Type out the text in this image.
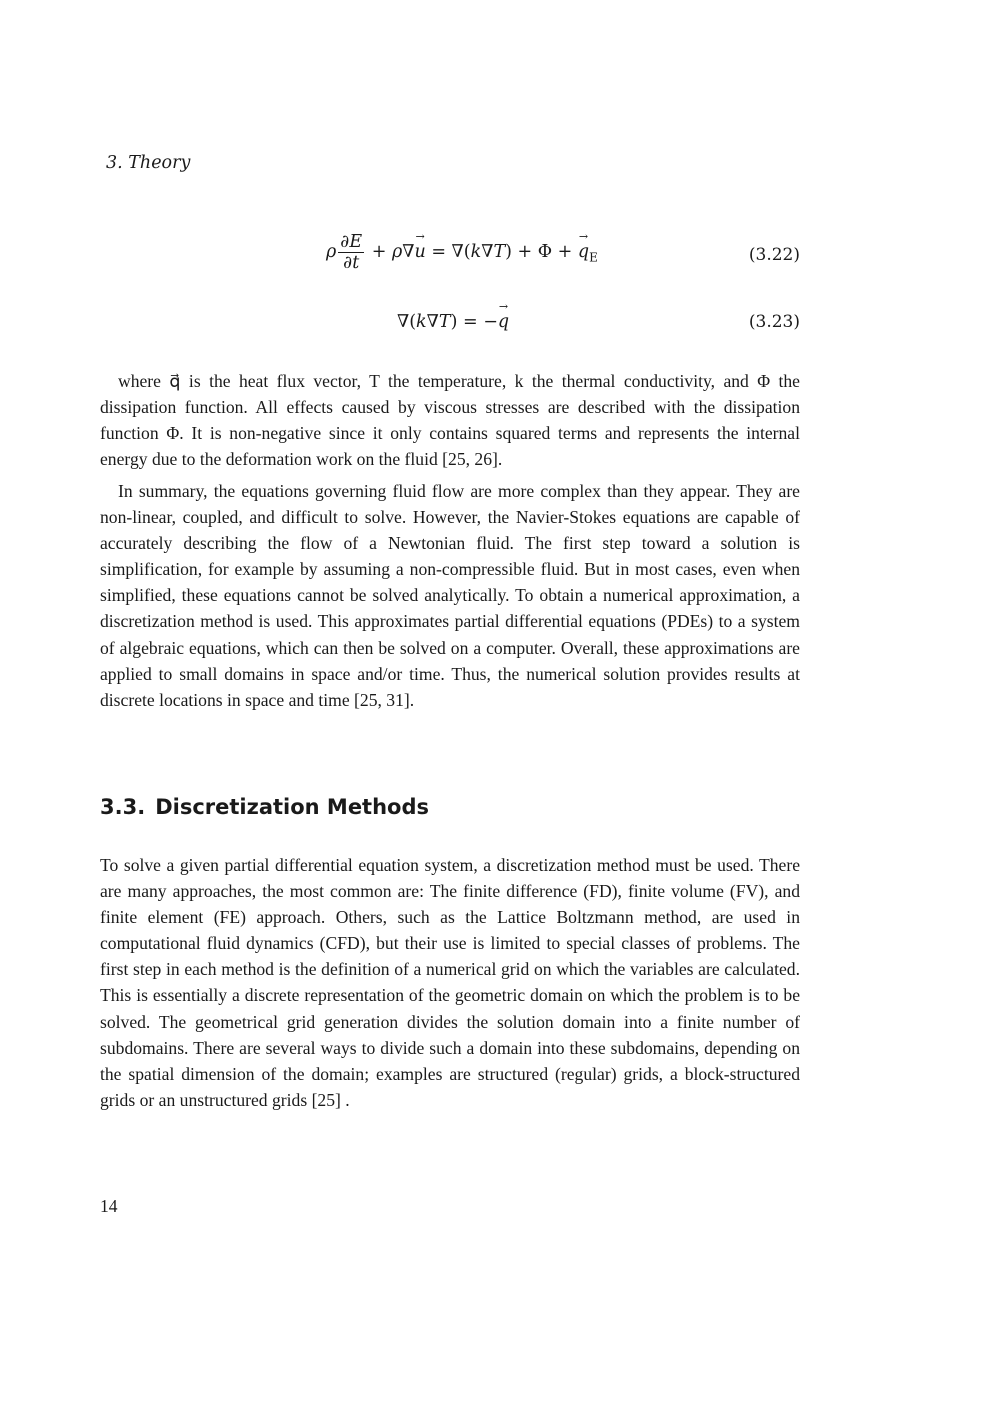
3. Theory
ρ $\frac{\partial E}{\partial t} + \rho\nabla\to u = \nabla(k\nabla T) + \Phi$ + → $q_E$	(3.22)
∇(k∇T) = −→ q	(3.23)

where q⃗ is the heat flux vector, T the temperature, k the thermal conductivity, and Φ the dissipation function. All effects caused by viscous stresses are described with the dissipation function Φ. It is non-negative since it only contains squared terms and represents the internal energy due to the deformation work on the fluid [25, 26].

In summary, the equations governing fluid flow are more complex than they appear. They are non-linear, coupled, and difficult to solve. However, the Navier-Stokes equations are capable of accurately describing the flow of a Newtonian fluid. The first step toward a solution is simplification, for example by assuming a non-compressible fluid. But in most cases, even when simplified, these equations cannot be solved analytically. To obtain a numerical approximation, a discretization method is used. This approximates partial differential equations (PDEs) to a system of algebraic equations, which can then be solved on a computer. Overall, these approximations are applied to small domains in space and/or time. Thus, the numerical solution provides results at discrete locations in space and time [25, 31].

3.3. Discretization Methods

To solve a given partial differential equation system, a discretization method must be used. There are many approaches, the most common are: The finite difference (FD), finite volume (FV), and finite element (FE) approach. Others, such as the Lattice Boltzmann method, are used in computational fluid dynamics (CFD), but their use is limited to special classes of problems. The first step in each method is the definition of a numerical grid on which the variables are calculated. This is essentially a discrete representation of the geometric domain on which the problem is to be solved. The geometrical grid generation divides the solution domain into a finite number of subdomains. There are several ways to divide such a domain into these subdomains, depending on the spatial dimension of the domain; examples are structured (regular) grids, a block-structured grids or an unstructured grids [25] .

14
